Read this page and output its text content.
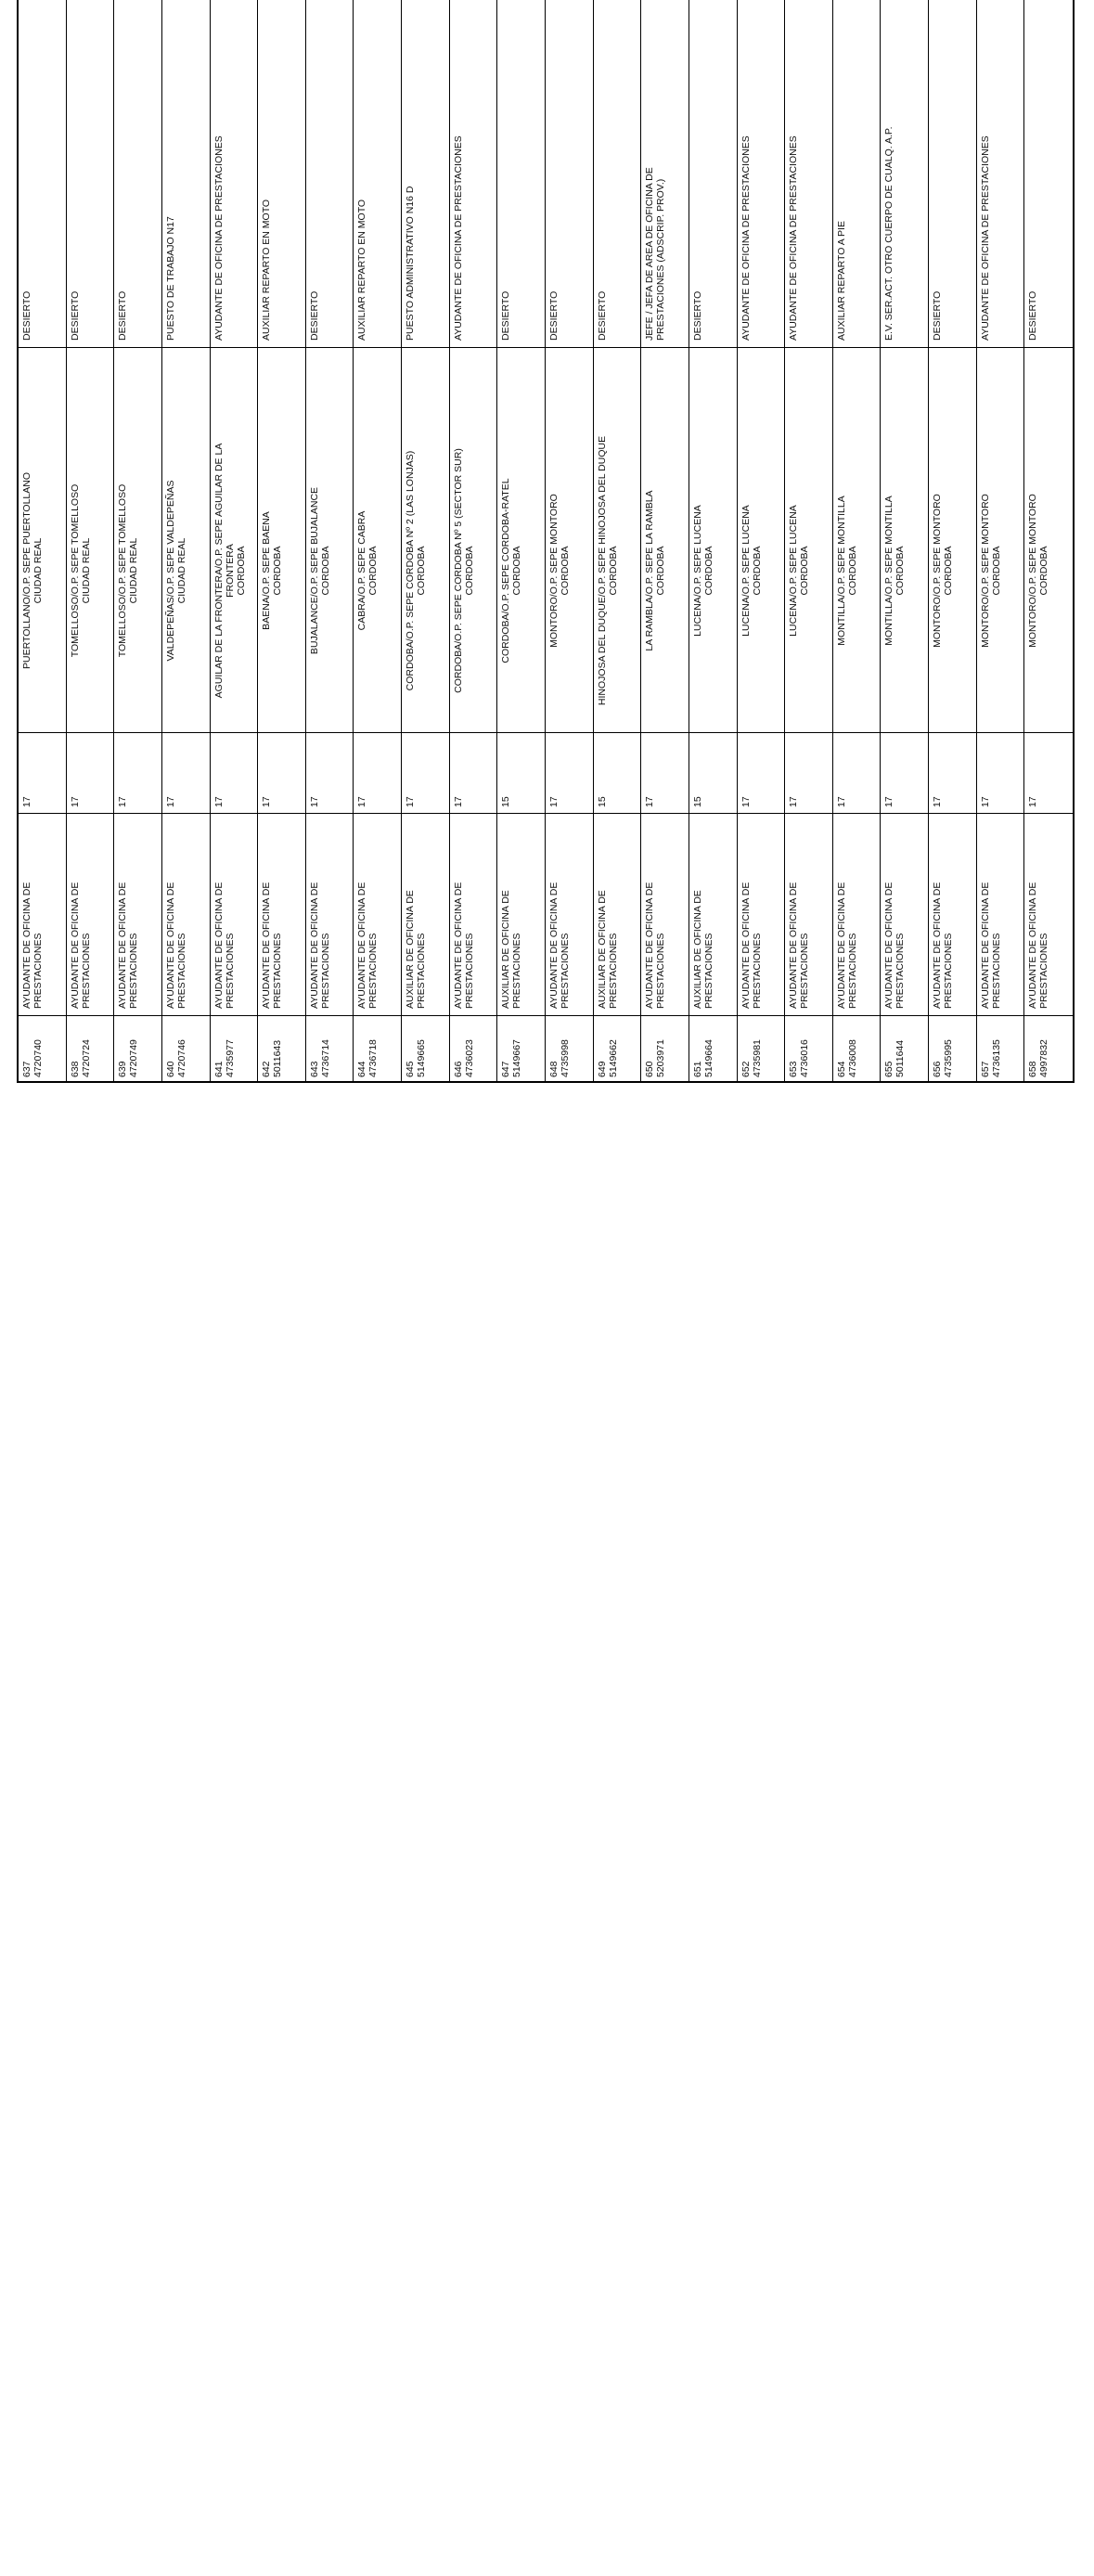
637
4720740
AYUDANTE DE OFICINA DE PRESTACIONES
17
PUERTOLLANO/O.P. SEPE PUERTOLLANO
CIUDAD REAL
DESIERTO

638
4720724
AYUDANTE DE OFICINA DE PRESTACIONES
17
TOMELLOSO/O.P. SEPE TOMELLOSO
CIUDAD REAL
DESIERTO

639
4720749
AYUDANTE DE OFICINA DE PRESTACIONES
17
TOMELLOSO/O.P. SEPE TOMELLOSO
CIUDAD REAL
DESIERTO

640
4720746
AYUDANTE DE OFICINA DE PRESTACIONES
17
VALDEPEÑAS/O.P. SEPE VALDEPEÑAS
CIUDAD REAL
PUESTO DE TRABAJO N17

641
4735977
AYUDANTE DE OFICINA DE PRESTACIONES
17
AGUILAR DE LA FRONTERA/O.P. SEPE AGUILAR DE LA FRONTERA
CORDOBA
AYUDANTE DE OFICINA DE PRESTACIONES

642
5011643
AYUDANTE DE OFICINA DE PRESTACIONES
17
BAENA/O.P. SEPE BAENA
CORDOBA
AUXILIAR REPARTO EN MOTO

643
4736714
AYUDANTE DE OFICINA DE PRESTACIONES
17
BUJALANCE/O.P. SEPE BUJALANCE
CORDOBA
DESIERTO

644
4736718
AYUDANTE DE OFICINA DE PRESTACIONES
17
CABRA/O.P. SEPE CABRA
CORDOBA
AUXILIAR REPARTO EN MOTO

645
5149665
AUXILIAR DE OFICINA DE PRESTACIONES
17
CORDOBA/O.P. SEPE CORDOBA Nº 2 (LAS LONJAS)
CORDOBA
PUESTO ADMINISTRATIVO N16 D

646
4736023
AYUDANTE DE OFICINA DE PRESTACIONES
17
CORDOBA/O.P. SEPE CORDOBA Nº 5 (SECTOR SUR)
CORDOBA
AYUDANTE DE OFICINA DE PRESTACIONES

647
5149667
AUXILIAR DE OFICINA DE PRESTACIONES
15
CORDOBA/O.P. SEPE CORDOBA-RATEL
CORDOBA
DESIERTO

648
4735998
AYUDANTE DE OFICINA DE PRESTACIONES
17
MONTORO/O.P. SEPE MONTORO
CORDOBA
DESIERTO

649
5149662
AUXILIAR DE OFICINA DE PRESTACIONES
15
HINOJOSA DEL DUQUE/O.P. SEPE HINOJOSA DEL DUQUE
CORDOBA
DESIERTO

650
5203971
AYUDANTE DE OFICINA DE PRESTACIONES
17
LA RAMBLA/O.P. SEPE LA RAMBLA
CORDOBA
JEFE / JEFA DE AREA DE OFICINA DE PRESTACIONES (ADSCRIP. PROV.)

651
5149664
AUXILIAR DE OFICINA DE PRESTACIONES
15
LUCENA/O.P. SEPE LUCENA
CORDOBA
DESIERTO

652
4735981
AYUDANTE DE OFICINA DE PRESTACIONES
17
LUCENA/O.P. SEPE LUCENA
CORDOBA
AYUDANTE DE OFICINA DE PRESTACIONES

653
4736016
AYUDANTE DE OFICINA DE PRESTACIONES
17
LUCENA/O.P. SEPE LUCENA
CORDOBA
AYUDANTE DE OFICINA DE PRESTACIONES

654
4736008
AYUDANTE DE OFICINA DE PRESTACIONES
17
MONTILLA/O.P. SEPE MONTILLA
CORDOBA
AUXILIAR REPARTO A PIE

655
5011644
AYUDANTE DE OFICINA DE PRESTACIONES
17
MONTILLA/O.P. SEPE MONTILLA
CORDOBA
E.V. SER.ACT. OTRO CUERPO DE CUALQ. A.P.

656
4735995
AYUDANTE DE OFICINA DE PRESTACIONES
17
MONTORO/O.P. SEPE MONTORO
CORDOBA
DESIERTO

657
4736135
AYUDANTE DE OFICINA DE PRESTACIONES
17
MONTORO/O.P. SEPE MONTORO
CORDOBA
AYUDANTE DE OFICINA DE PRESTACIONES

658
4997832
AYUDANTE DE OFICINA DE PRESTACIONES
17
MONTORO/O.P. SEPE MONTORO
CORDOBA
DESIERTO
